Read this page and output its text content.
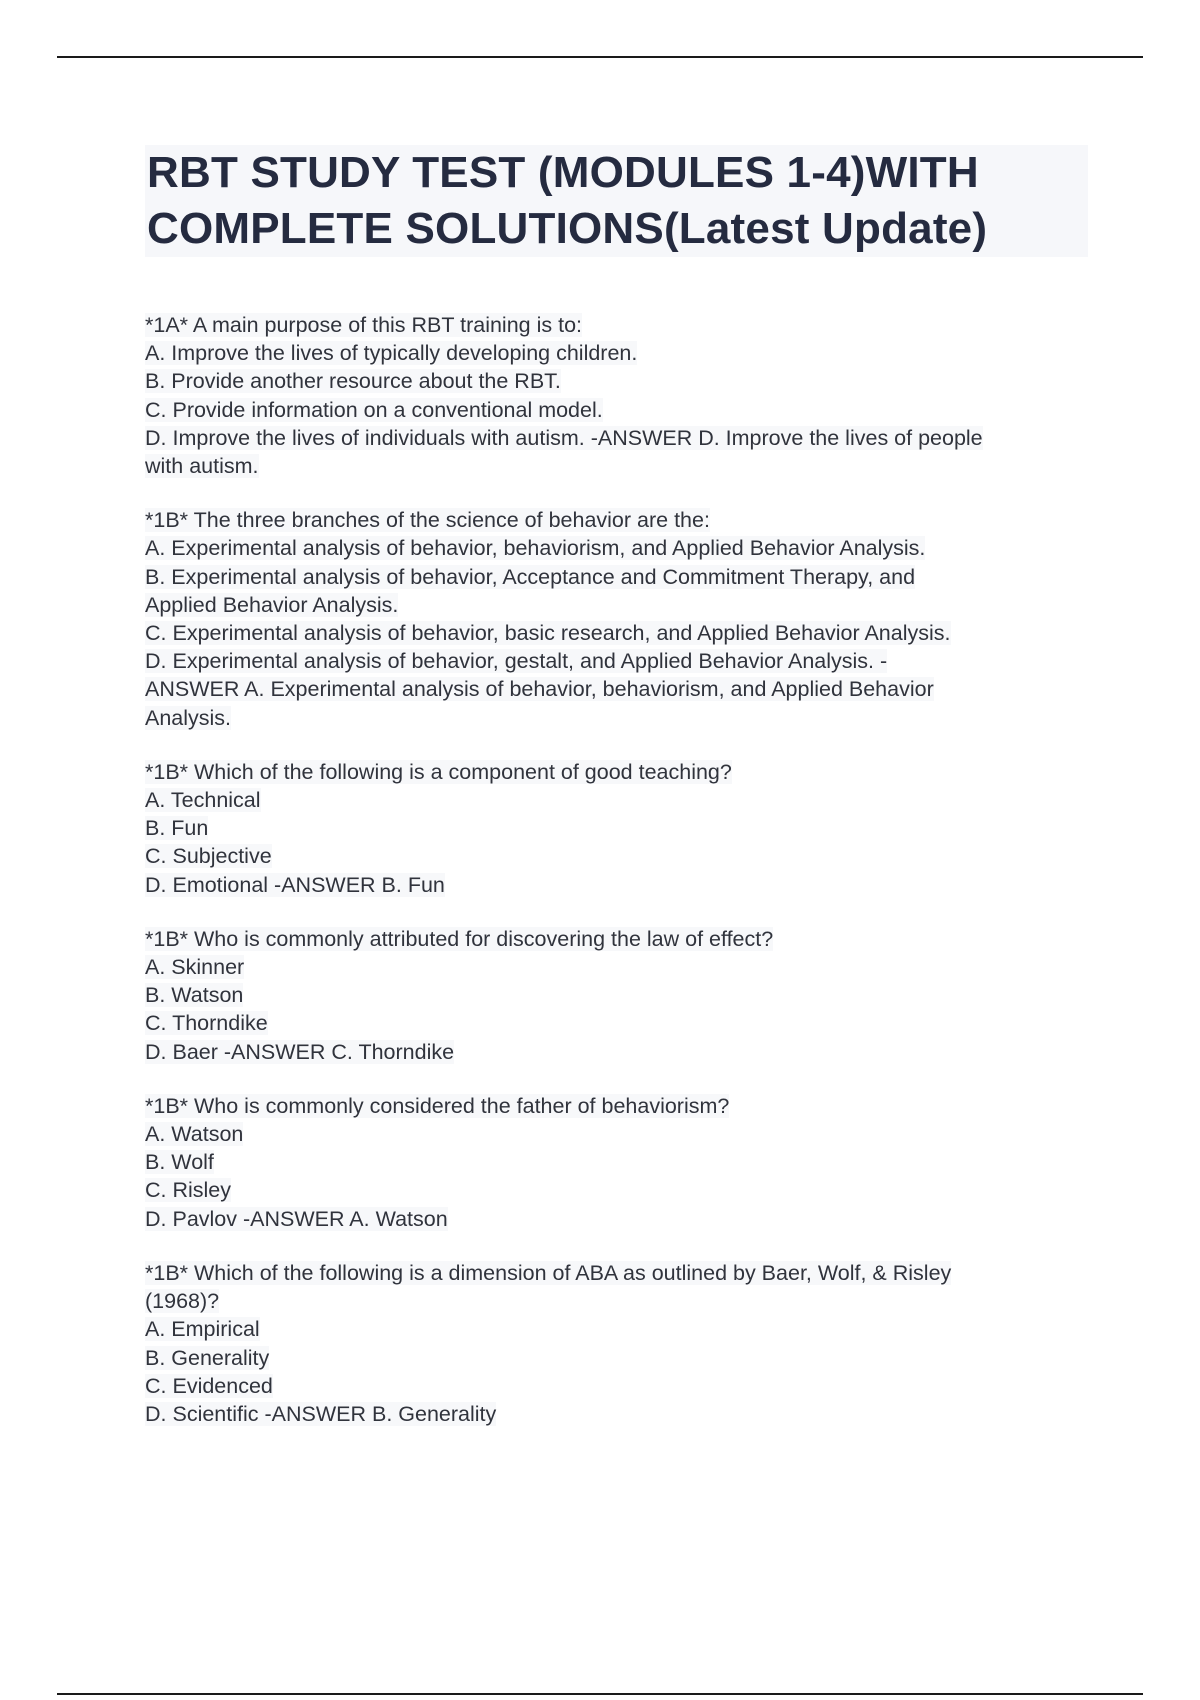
RBT STUDY TEST (MODULES 1-4)WITH
COMPLETE SOLUTIONS(Latest Update)
*1A* A main purpose of this RBT training is to:
A. Improve the lives of typically developing children.
B. Provide another resource about the RBT.
C. Provide information on a conventional model.
D. Improve the lives of individuals with autism. -ANSWER D. Improve the lives of people
with autism.
*1B* The three branches of the science of behavior are the:
A. Experimental analysis of behavior, behaviorism, and Applied Behavior Analysis.
B. Experimental analysis of behavior, Acceptance and Commitment Therapy, and
Applied Behavior Analysis.
C. Experimental analysis of behavior, basic research, and Applied Behavior Analysis.
D. Experimental analysis of behavior, gestalt, and Applied Behavior Analysis. -
ANSWER A. Experimental analysis of behavior, behaviorism, and Applied Behavior
Analysis.
*1B* Which of the following is a component of good teaching?
A. Technical
B. Fun
C. Subjective
D. Emotional -ANSWER B. Fun
*1B* Who is commonly attributed for discovering the law of effect?
A. Skinner
B. Watson
C. Thorndike
D. Baer -ANSWER C. Thorndike
*1B* Who is commonly considered the father of behaviorism?
A. Watson
B. Wolf
C. Risley
D. Pavlov -ANSWER A. Watson
*1B* Which of the following is a dimension of ABA as outlined by Baer, Wolf, & Risley
(1968)?
A. Empirical
B. Generality
C. Evidenced
D. Scientific -ANSWER B. Generality
